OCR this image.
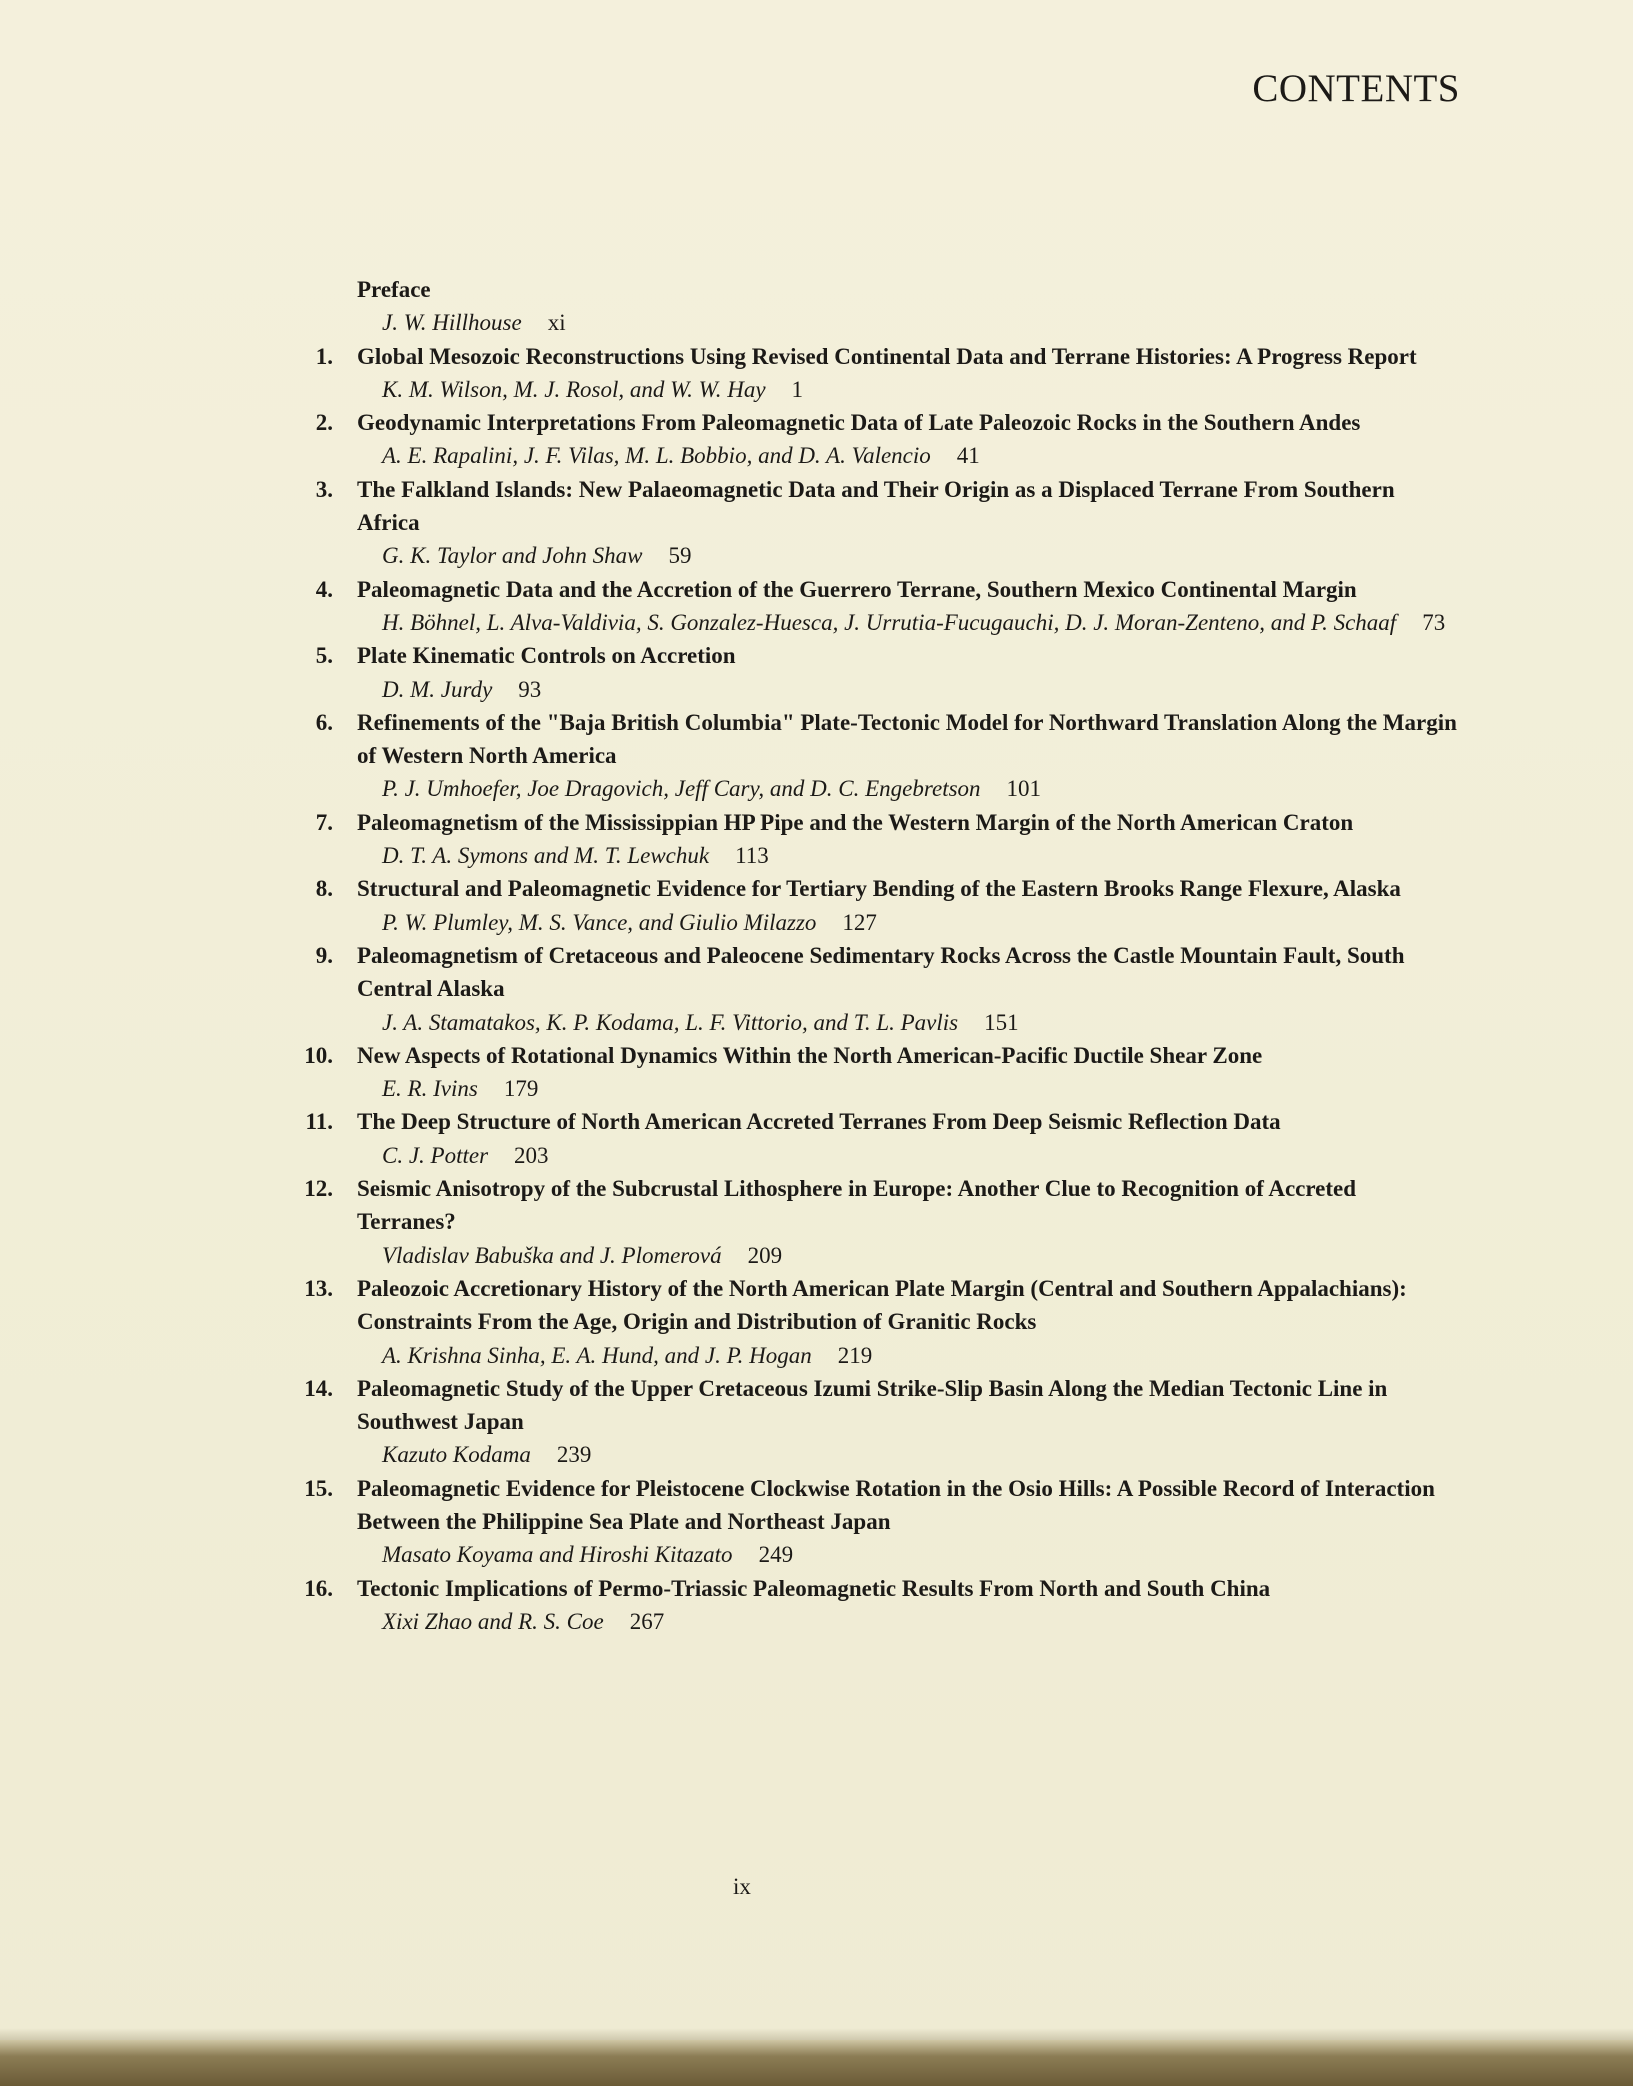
CONTENTS
Preface
J. W. Hillhouse xi
1. Global Mesozoic Reconstructions Using Revised Continental Data and Terrane Histories: A Progress Report
K. M. Wilson, M. J. Rosol, and W. W. Hay 1
2. Geodynamic Interpretations From Paleomagnetic Data of Late Paleozoic Rocks in the Southern Andes
A. E. Rapalini, J. F. Vilas, M. L. Bobbio, and D. A. Valencio 41
3. The Falkland Islands: New Palaeomagnetic Data and Their Origin as a Displaced Terrane From Southern Africa
G. K. Taylor and John Shaw 59
4. Paleomagnetic Data and the Accretion of the Guerrero Terrane, Southern Mexico Continental Margin
H. Böhnel, L. Alva-Valdivia, S. Gonzalez-Huesca, J. Urrutia-Fucugauchi, D. J. Moran-Zenteno, and P. Schaaf 73
5. Plate Kinematic Controls on Accretion
D. M. Jurdy 93
6. Refinements of the "Baja British Columbia" Plate-Tectonic Model for Northward Translation Along the Margin of Western North America
P. J. Umhoefer, Joe Dragovich, Jeff Cary, and D. C. Engebretson 101
7. Paleomagnetism of the Mississippian HP Pipe and the Western Margin of the North American Craton
D. T. A. Symons and M. T. Lewchuk 113
8. Structural and Paleomagnetic Evidence for Tertiary Bending of the Eastern Brooks Range Flexure, Alaska
P. W. Plumley, M. S. Vance, and Giulio Milazzo 127
9. Paleomagnetism of Cretaceous and Paleocene Sedimentary Rocks Across the Castle Mountain Fault, South Central Alaska
J. A. Stamatakos, K. P. Kodama, L. F. Vittorio, and T. L. Pavlis 151
10. New Aspects of Rotational Dynamics Within the North American-Pacific Ductile Shear Zone
E. R. Ivins 179
11. The Deep Structure of North American Accreted Terranes From Deep Seismic Reflection Data
C. J. Potter 203
12. Seismic Anisotropy of the Subcrustal Lithosphere in Europe: Another Clue to Recognition of Accreted Terranes?
Vladislav Babuška and J. Plomerová 209
13. Paleozoic Accretionary History of the North American Plate Margin (Central and Southern Appalachians): Constraints From the Age, Origin and Distribution of Granitic Rocks
A. Krishna Sinha, E. A. Hund, and J. P. Hogan 219
14. Paleomagnetic Study of the Upper Cretaceous Izumi Strike-Slip Basin Along the Median Tectonic Line in Southwest Japan
Kazuto Kodama 239
15. Paleomagnetic Evidence for Pleistocene Clockwise Rotation in the Osio Hills: A Possible Record of Interaction Between the Philippine Sea Plate and Northeast Japan
Masato Koyama and Hiroshi Kitazato 249
16. Tectonic Implications of Permo-Triassic Paleomagnetic Results From North and South China
Xixi Zhao and R. S. Coe 267
ix
